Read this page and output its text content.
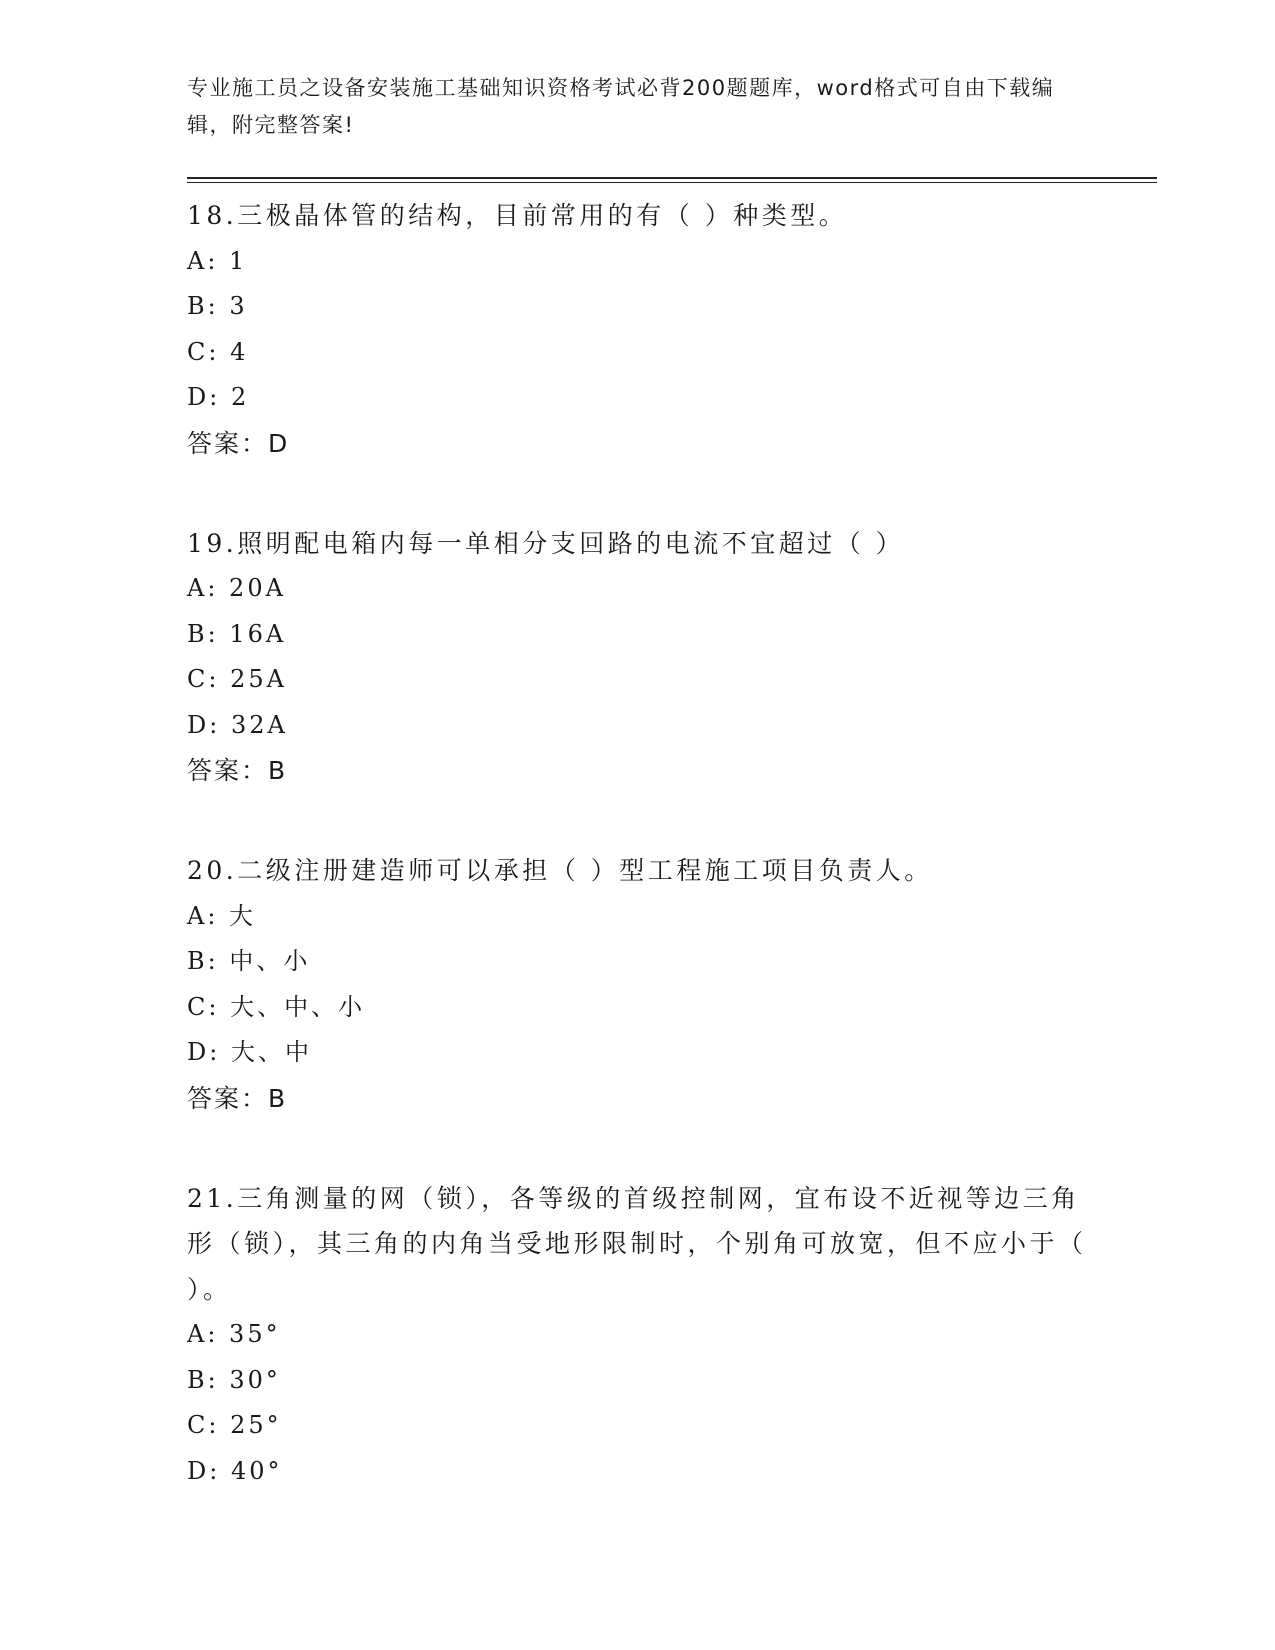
专业施工员之设备安装施工基础知识资格考试必背200题题库，word格式可自由下载编辑，附完整答案!

18.三极晶体管的结构，目前常用的有（ ）种类型。

A: 1

B: 3

C: 4

D: 2

答案：D

19.照明配电箱内每一单相分支回路的电流不宜超过（ ）

A: 20A

B: 16A

C: 25A

D: 32A

答案：B

20.二级注册建造师可以承担（ ）型工程施工项目负责人。

A: 大

B: 中、小

C: 大、中、小

D: 大、中

答案：B

21.三角测量的网（锁），各等级的首级控制网，宜布设不近视等边三角形（锁），其三角的内角当受地形限制时，个别角可放宽，但不应小于（ ）。

A: 35°

B: 30°

C: 25°

D: 40°
